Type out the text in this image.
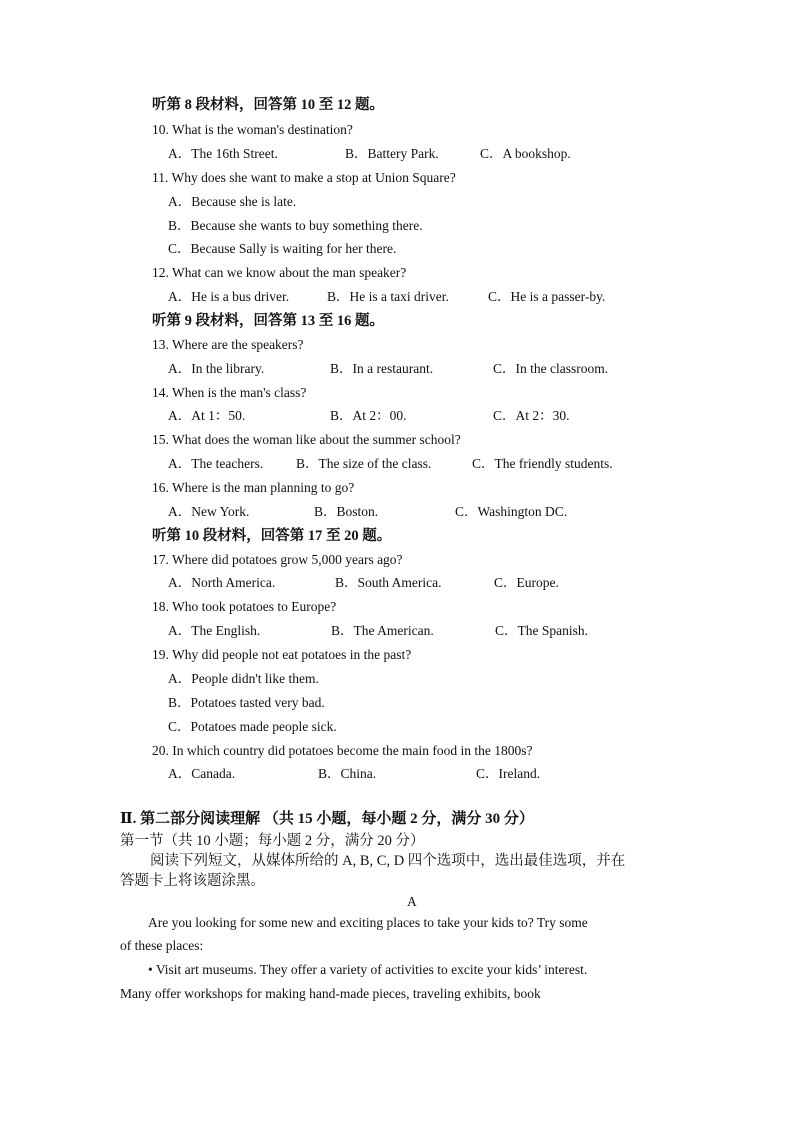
听第 8 段材料，回答第 10 至 12 题。
10. What is the woman's destination?
A．The 16th Street.	B．Battery Park.	C．A bookshop.
11. Why does she want to make a stop at Union Square?
A．Because she is late.
B．Because she wants to buy something there.
C．Because Sally is waiting for her there.
12. What can we know about the man speaker?
A．He is a bus driver.	B．He is a taxi driver.	C．He is a passer-by.
听第 9 段材料，回答第 13 至 16 题。
13. Where are the speakers?
A．In the library.	B．In a restaurant.	C．In the classroom.
14. When is the man's class?
A．At 1：50.	B．At 2：00.	C．At 2：30.
15. What does the woman like about the summer school?
A．The teachers. B．The size of the class.	C．The friendly students.
16. Where is the man planning to go?
A．New York.	B．Boston.	C．Washington DC.
听第 10 段材料，回答第 17 至 20 题。
17. Where did potatoes grow 5,000 years ago?
A．North America.	B．South America.	C．Europe.
18. Who took potatoes to Europe?
A．The English.	B．The American.	C．The Spanish.
19. Why did people not eat potatoes in the past?
A．People didn't like them.
B．Potatoes tasted very bad.
C．Potatoes made people sick.
20. In which country did potatoes become the main food in the 1800s?
A．Canada.	B．China.	C．Ireland.
Ⅱ. 第二部分阅读理解 （共 15 小题，每小题 2 分，满分 30 分）
第一节（共 10 小题；每小题 2 分，满分 20 分）
阅读下列短文，从媒体所给的 A, B, C, D 四个选项中，选出最佳选项，并在
答题卡上将该题涂黑。
A
Are you looking for some new and exciting places to take your kids to? Try some
of these places:
• Visit art museums. They offer a variety of activities to excite your kids’ interest.
Many offer workshops for making hand-made pieces, traveling exhibits, book
